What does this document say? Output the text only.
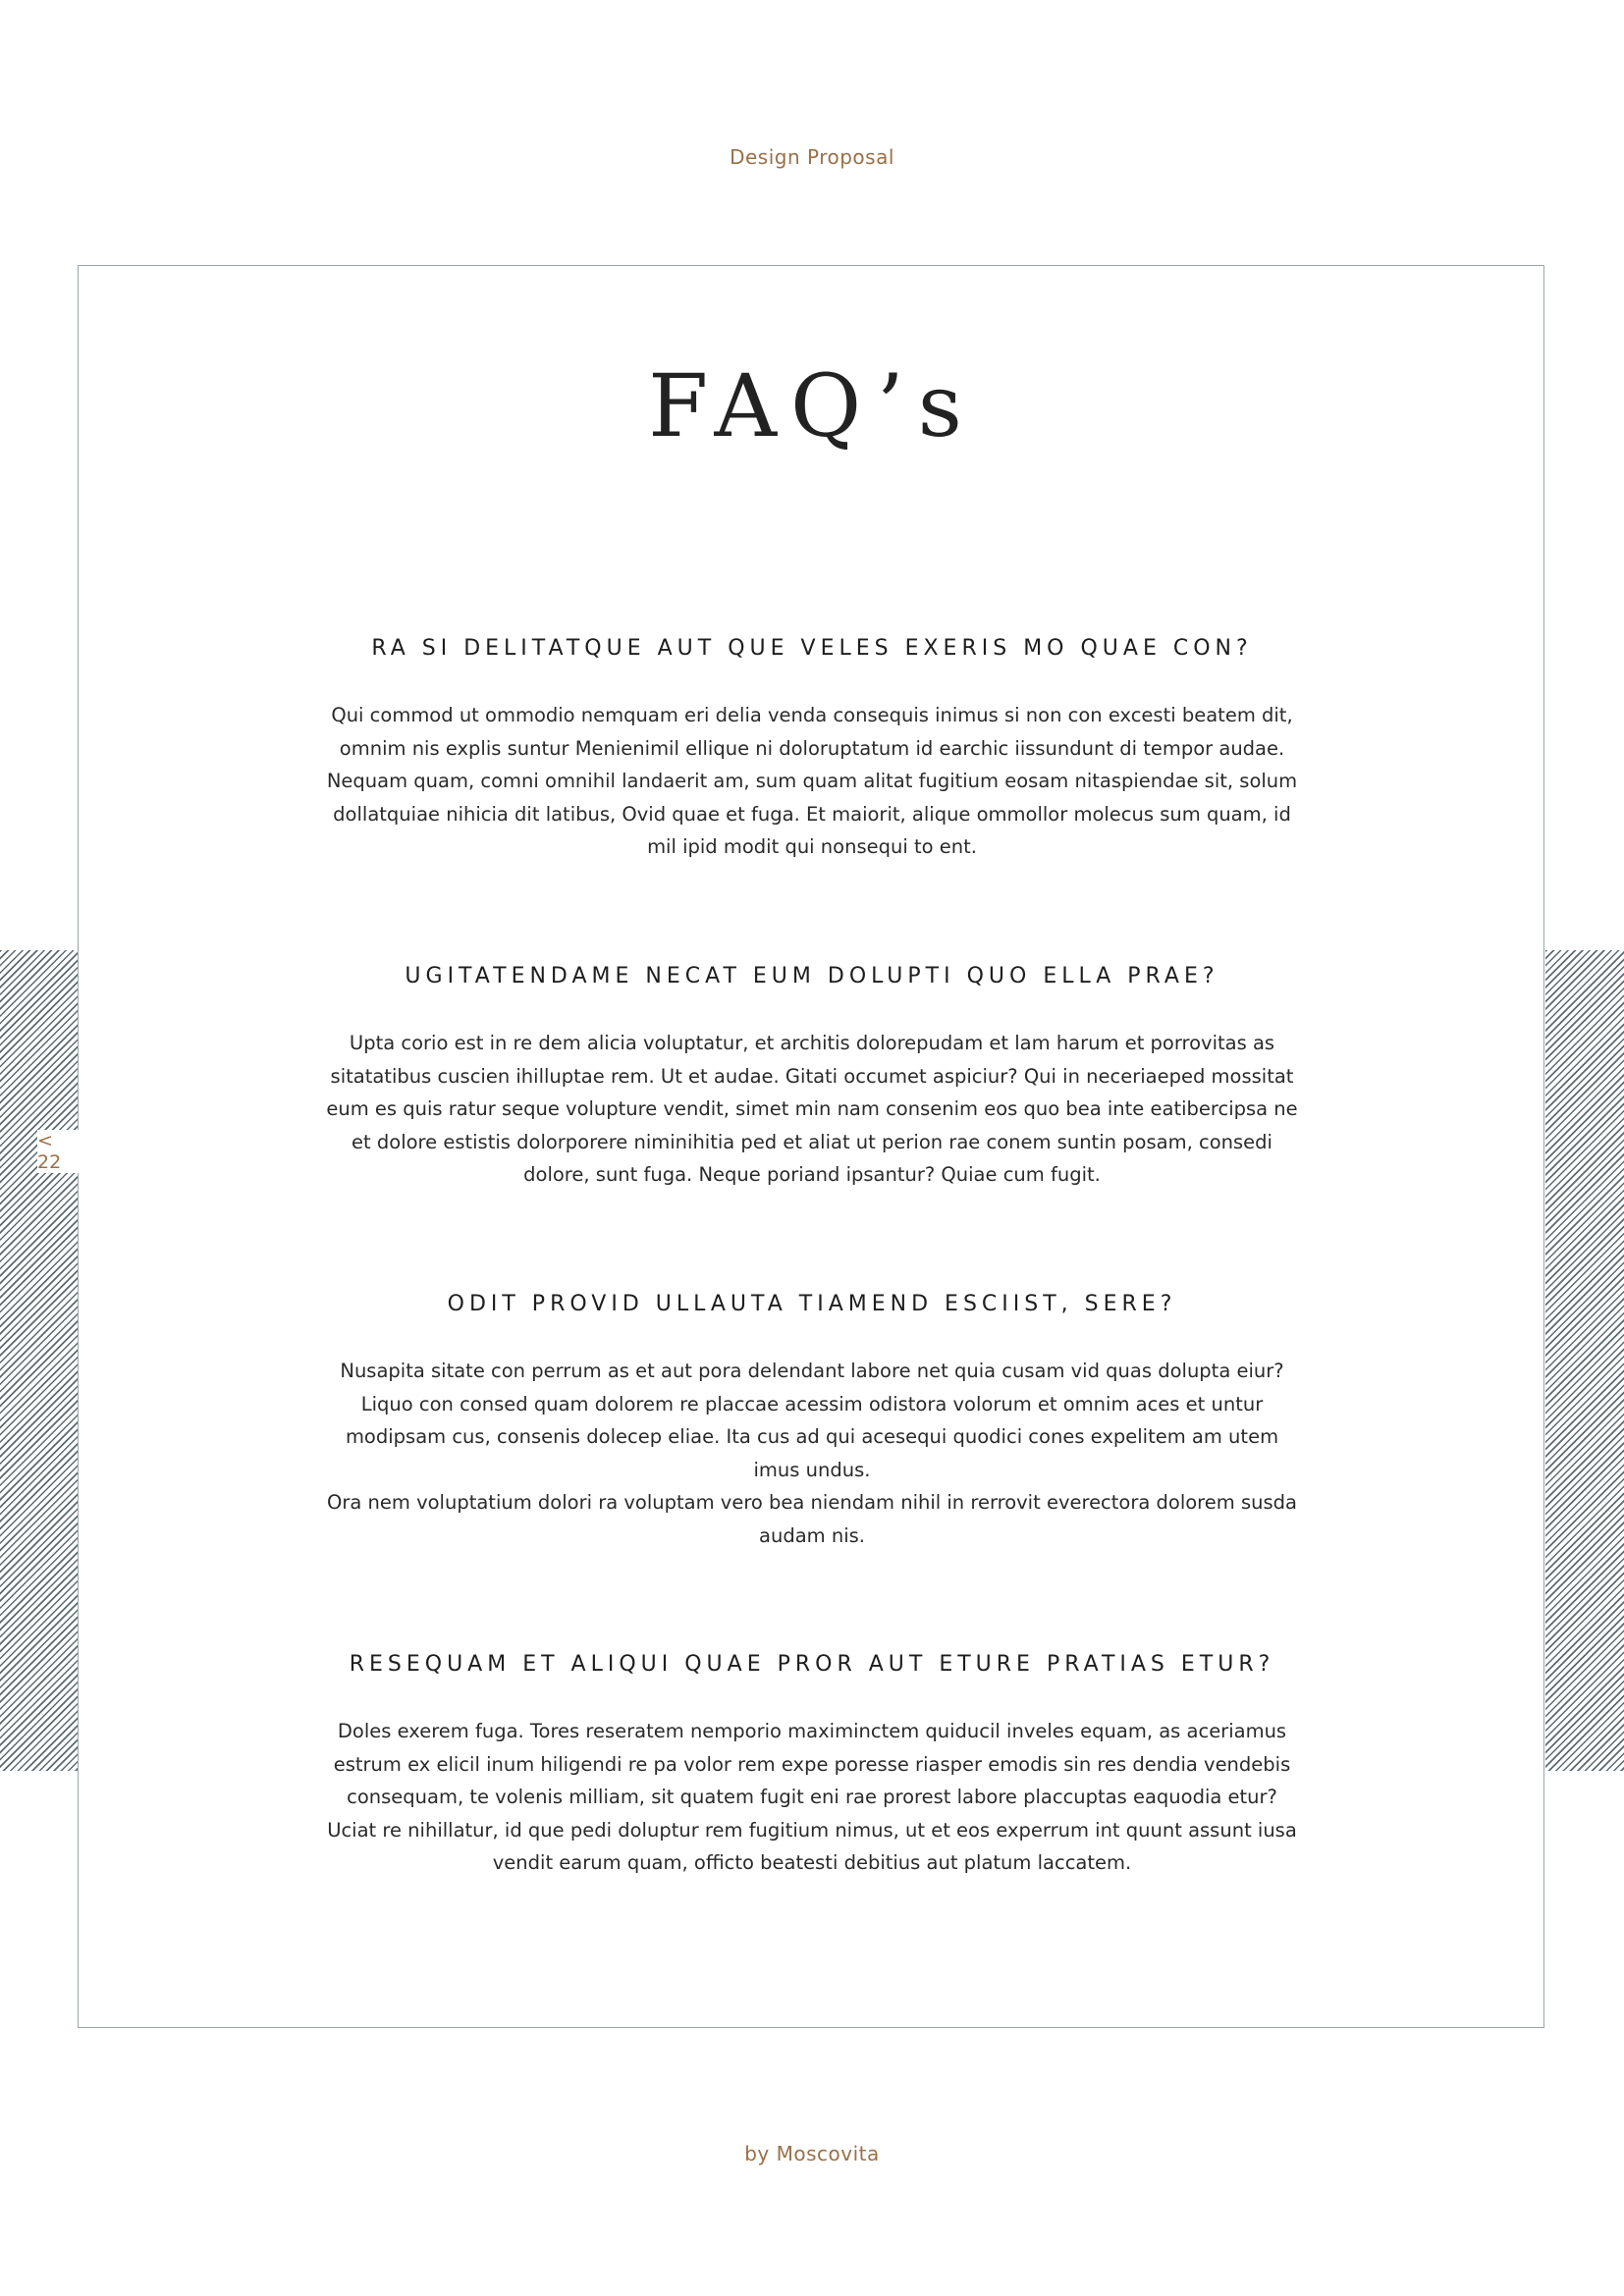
Design Proposal
< 22
FAQ’s
RA SI DELITATQUE AUT QUE VELES EXERIS MO QUAE CON?

Qui commod ut ommodio nemquam eri delia venda consequis inimus si non con excesti beatem dit, omnim nis explis suntur Menienimil ellique ni doloruptatum id earchic iissundunt di tempor audae. Nequam quam, comni omnihil landaerit am, sum quam alitat fugitium eosam nitaspiendae sit, solum dollatquiae nihicia dit latibus, Ovid quae et fuga. Et maiorit, alique ommollor molecus sum quam, id mil ipid modit qui nonsequi to ent.

UGITATENDAME NECAT EUM DOLUPTI QUO ELLA PRAE?

Upta corio est in re dem alicia voluptatur, et architis dolorepudam et lam harum et porrovitas as sitatatibus cuscien ihilluptae rem. Ut et audae. Gitati occumet aspiciur? Qui in neceriaeped mossitat eum es quis ratur seque volupture vendit, simet min nam consenim eos quo bea inte eatibercipsa ne et dolore estistis dolorporere niminihitia ped et aliat ut perion rae conem suntin posam, consedi dolore, sunt fuga. Neque poriand ipsantur? Quiae cum fugit.

ODIT PROVID ULLAUTA TIAMEND ESCIIST, SERE?

Nusapita sitate con perrum as et aut pora delendant labore net quia cusam vid quas dolupta eiur? Liquo con consed quam dolorem re placcae acessim odistora volorum et omnim aces et untur modipsam cus, consenis dolecep eliae. Ita cus ad qui acesequi quodici cones expelitem am utem imus undus.

Ora nem voluptatium dolori ra voluptam vero bea niendam nihil in rerrovit everectora dolorem susda audam nis.

RESEQUAM ET ALIQUI QUAE PROR AUT ETURE PRATIAS ETUR?

Doles exerem fuga. Tores reseratem nemporio maximinctem quiducil inveles equam, as aceriamus estrum ex elicil inum hiligendi re pa volor rem expe poresse riasper emodis sin res dendia vendebis consequam, te volenis milliam, sit quatem fugit eni rae prorest labore placcuptas eaquodia etur? Uciat re nihillatur, id que pedi doluptur rem fugitium nimus, ut et eos experrum int quunt assunt iusa vendit earum quam, officto beatesti debitius aut platum laccatem.

by Moscovita
